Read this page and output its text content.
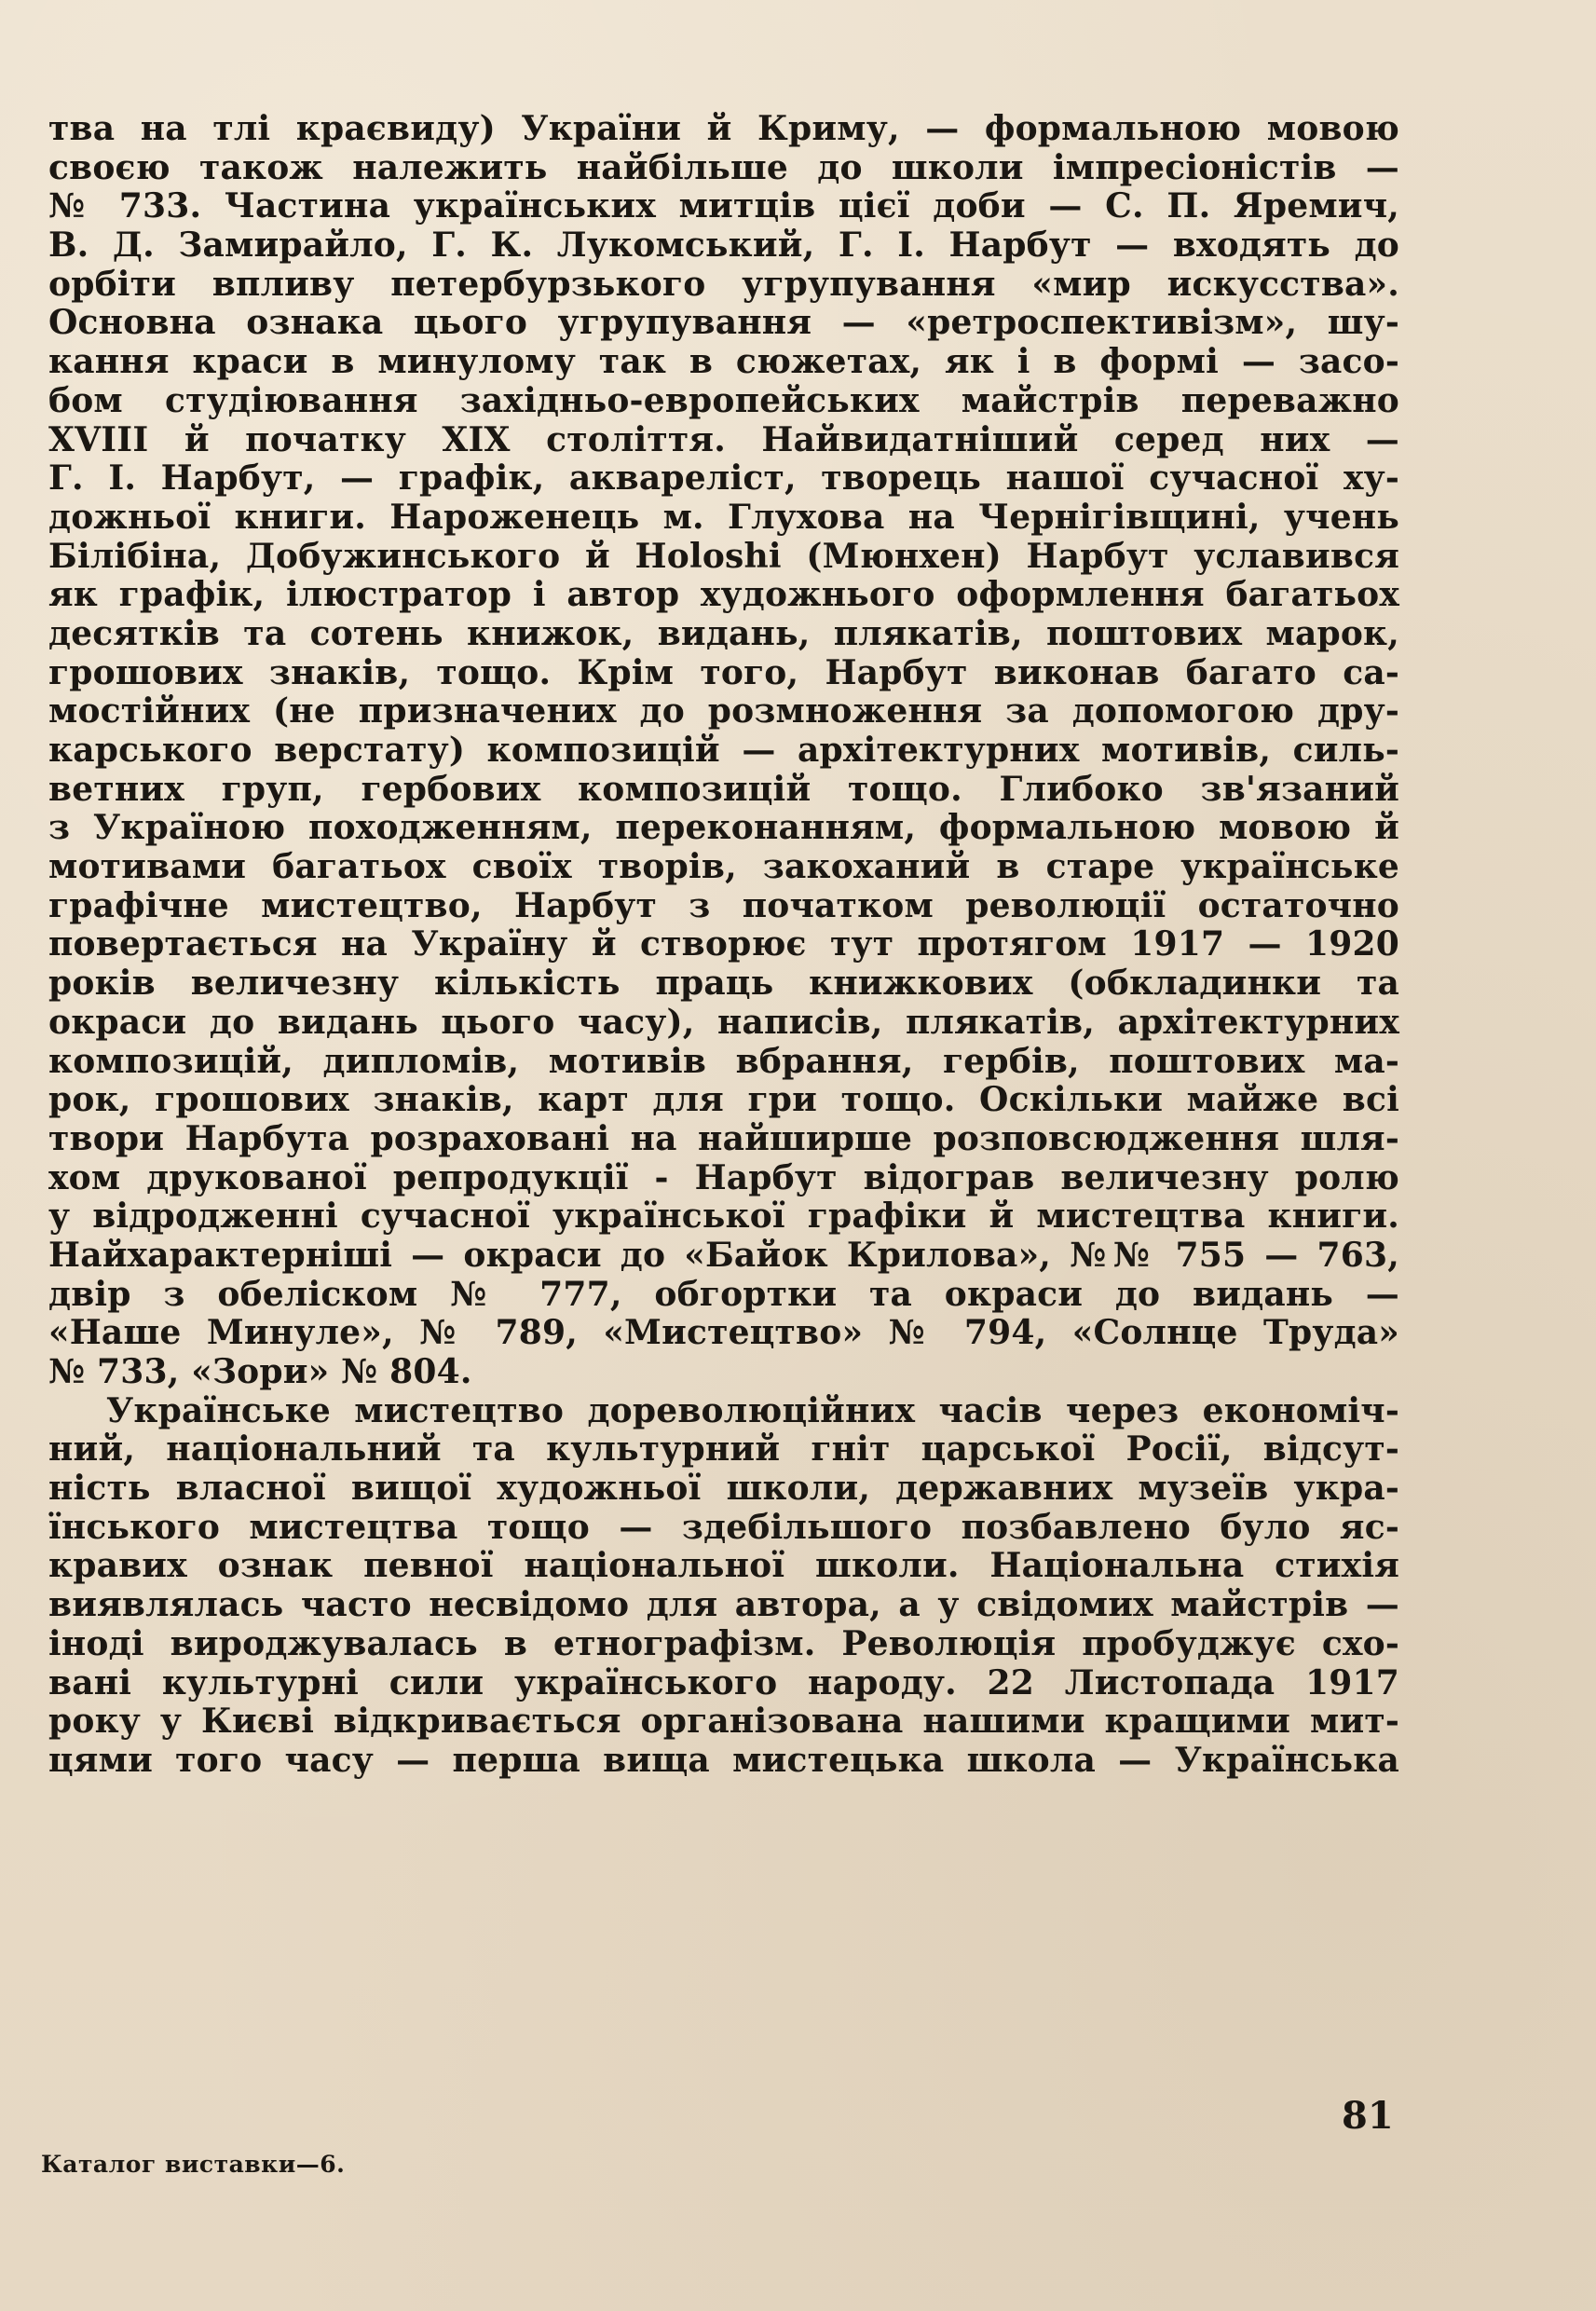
тва на тлі краєвиду) України й Криму, — формальною мовою
своєю також належить найбільше до школи імпресіоністів —
№ 733. Частина українських митців цієї доби — С. П. Яремич,
В. Д. Замирайло, Г. К. Лукомський, Г. І. Нарбут — входять до
орбіти впливу петербурзького угрупування «мир искусства».
Основна ознака цього угрупування — «ретроспективізм», шу-
кання краси в минулому так в сюжетах, як і в формі — засо-
бом студіювання західньо-европейських майстрів переважно
XVIII й початку XIX століття. Найвидатніший серед них —
Г. І. Нарбут, — графік, аквареліст, творець нашої сучасної ху-
дожньої книги. Нароженець м. Глухова на Чернігівщині, учень
Білібіна, Добужинського й Holoshi (Мюнхен) Нарбут уславився
як графік, ілюстратор і автор художнього оформлення багатьох
десятків та сотень книжок, видань, плякатів, поштових марок,
грошових знаків, тощо. Крім того, Нарбут виконав багато са-
мостійних (не призначених до розмноження за допомогою дру-
карського верстату) композицій — архітектурних мотивів, силь-
ветних груп, гербових композицій тощо. Глибоко зв'язаний
з Україною походженням, переконанням, формальною мовою й
мотивами багатьох своїх творів, закоханий в старе українське
графічне мистецтво, Нарбут з початком революції остаточно
повертається на Україну й створює тут протягом 1917 — 1920
років величезну кількість праць книжкових (обкладинки та
окраси до видань цього часу), написів, плякатів, архітектурних
композицій, дипломів, мотивів вбрання, гербів, поштових ма-
рок, грошових знаків, карт для гри тощо. Оскільки майже всі
твори Нарбута розраховані на найширше розповсюдження шля-
хом друкованої репродукції - Нарбут відограв величезну ролю
у відродженні сучасної української графіки й мистецтва книги.
Найхарактерніші — окраси до «Байок Крилова», №№ 755 — 763,
двір з обеліском № 777, обгортки та окраси до видань —
«Наше Минуле», № 789, «Мистецтво» № 794, «Солнце Труда»
№ 733, «Зори» № 804.
Українське мистецтво дореволюційних часів через економіч-
ний, національний та культурний гніт царської Росії, відсут-
ність власної вищої художньої школи, державних музеїв укра-
їнського мистецтва тощо — здебільшого позбавлено було яс-
кравих ознак певної національної школи. Національна стихія
виявлялась часто несвідомо для автора, а у свідомих майстрів —
іноді вироджувалась в етнографізм. Революція пробуджує схо-
вані культурні сили українського народу. 22 Листопада 1917
року у Києві відкривається організована нашими кращими мит-
цями того часу — перша вища мистецька школа — Українська
81
Каталог виставки—6.
